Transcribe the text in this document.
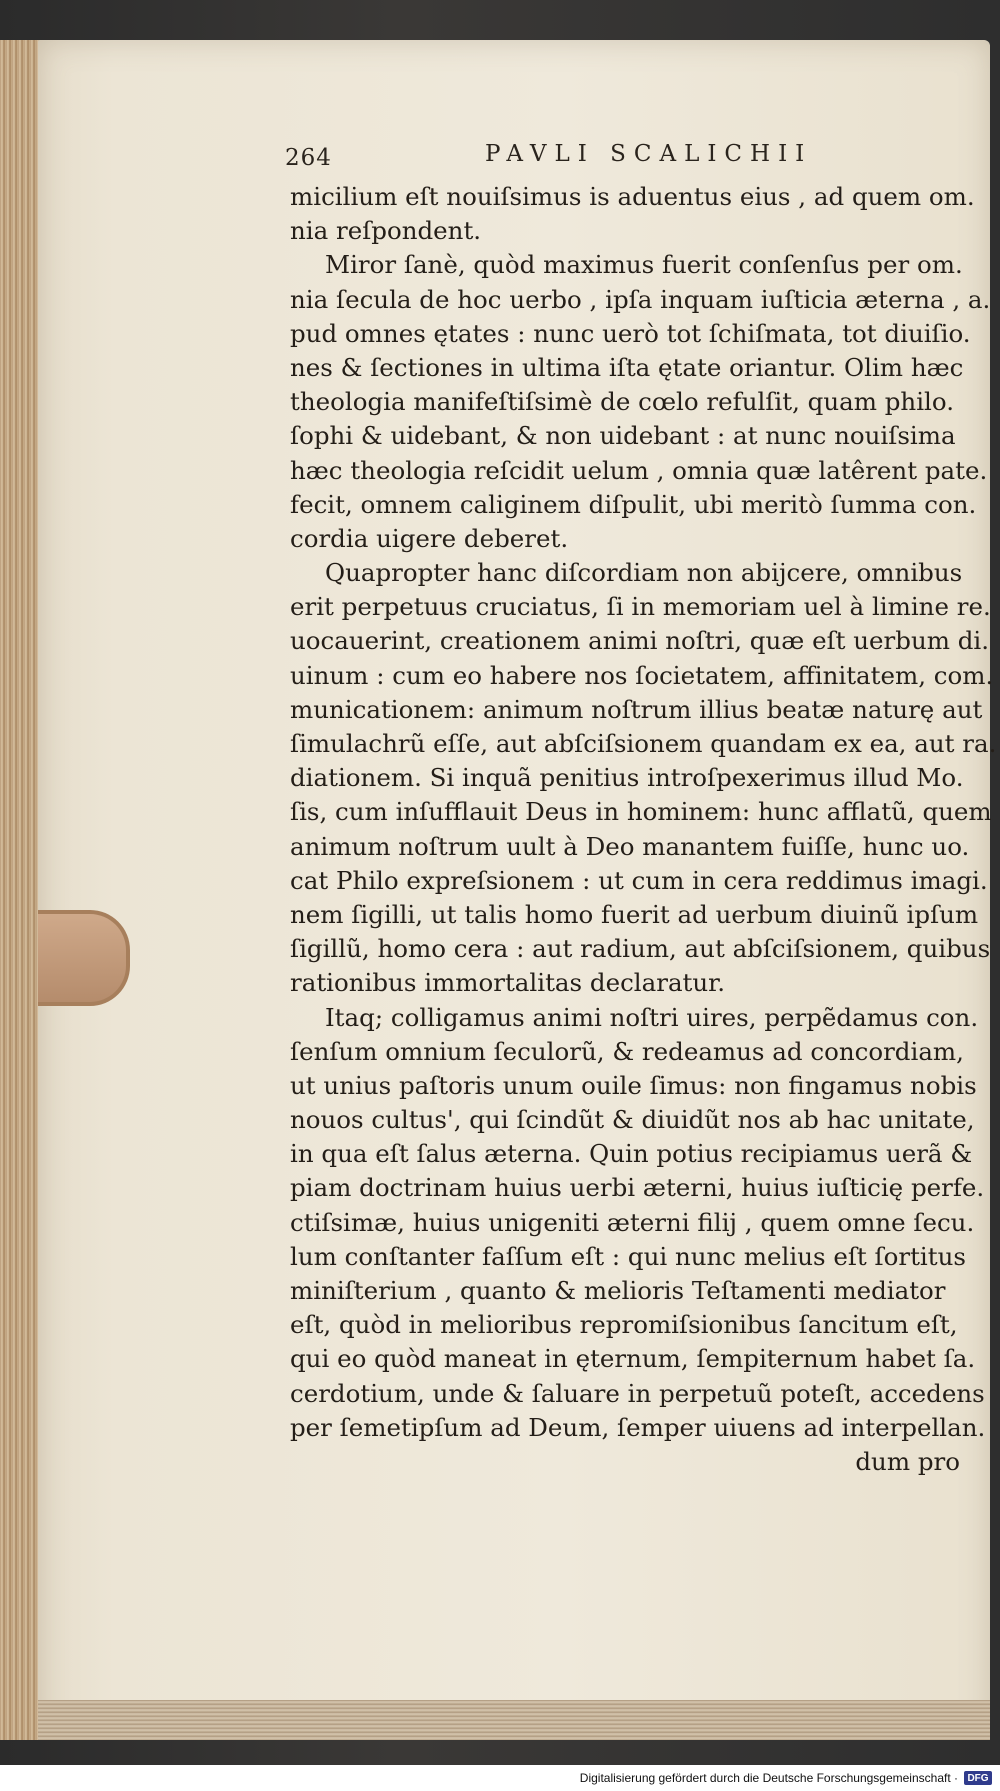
264	PAVLI SCALICHII
micilium eſt nouiſsimus is aduentus eius , ad quem om.
nia reſpondent.
Miror ſanè, quòd maximus fuerit conſenſus per om.
nia ſecula de hoc uerbo , ipſa inquam iuſticia æterna , a.
pud omnes ętates : nunc uerò tot ſchiſmata, tot diuiſio.
nes & ſectiones in ultima iſta ętate oriantur. Olim hæc
theologia manifeſtiſsimè de cœlo refulſit, quam philo.
ſophi & uidebant, & non uidebant : at nunc nouiſsima
hæc theologia reſcidit uelum , omnia quæ latêrent pate.
fecit, omnem caliginem diſpulit, ubi meritò ſumma con.
cordia uigere deberet.
Quapropter hanc diſcordiam non abijcere, omnibus
erit perpetuus cruciatus, ſi in memoriam uel à limine re.
uocauerint, creationem animi noſtri, quæ eſt uerbum di.
uinum : cum eo habere nos ſocietatem, affinitatem, com.
municationem: animum noſtrum illius beatæ naturę aut
ſimulachrũ eſſe, aut abſciſsionem quandam ex ea, aut ra.
diationem. Si inquã penitius introſpexerimus illud Mo.
ſis, cum inſufflauit Deus in hominem: hunc afflatũ, quem
animum noſtrum uult à Deo manantem fuiſſe, hunc uo.
cat Philo expreſsionem : ut cum in cera reddimus imagi.
nem ſigilli, ut talis homo fuerit ad uerbum diuinũ ipſum
ſigillũ, homo cera : aut radium, aut abſciſsionem, quibus
rationibus immortalitas declaratur.
Itaq; colligamus animi noſtri uires, perpẽdamus con.
ſenſum omnium ſeculorũ, & redeamus ad concordiam,
ut unius paſtoris unum ouile ſimus: non fingamus nobis
nouos cultus', qui ſcindũt & diuidũt nos ab hac unitate,
in qua eſt ſalus æterna. Quin potius recipiamus uerã &
piam doctrinam huius uerbi æterni, huius iuſticię perfe.
ctiſsimæ, huius unigeniti æterni filij , quem omne ſecu.
lum conſtanter faſſum eſt : qui nunc melius eſt ſortitus
miniſterium , quanto & melioris Teſtamenti mediator
eſt, quòd in melioribus repromiſsionibus ſancitum eſt,
qui eo quòd maneat in ęternum, ſempiternum habet ſa.
cerdotium, unde & ſaluare in perpetuũ poteſt, accedens
per ſemetipſum ad Deum, ſemper uiuens ad interpellan.
dum pro
Digitalisierung gefördert durch die Deutsche Forschungsgemeinschaft · DFG
